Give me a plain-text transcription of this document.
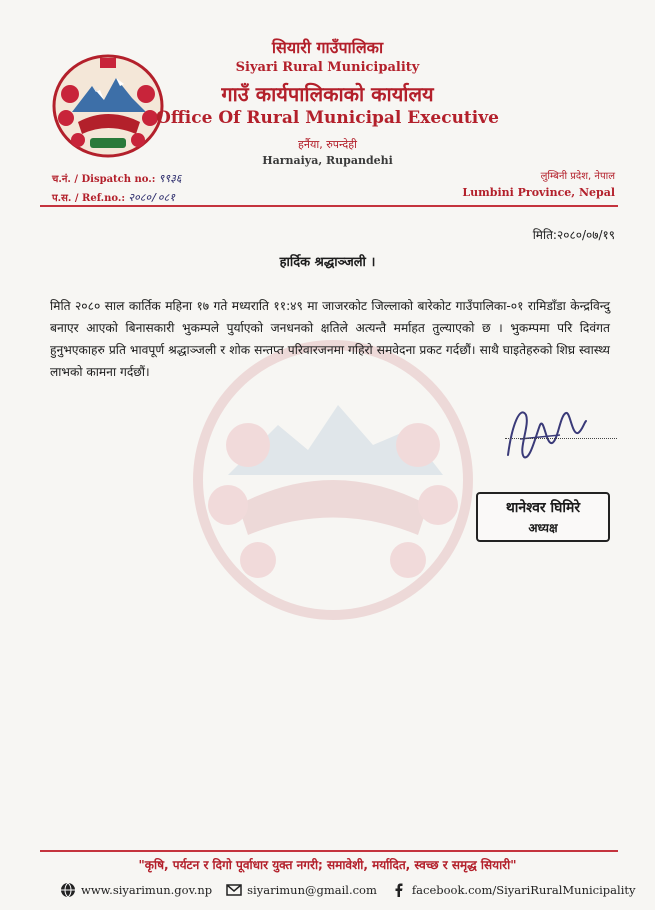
सियारी गाउँपालिका
Siyari Rural Municipality
गाउँ कार्यपालिकाको कार्यालय
Office Of Rural Municipal Executive
हर्नैया, रुपन्देही
Harnaiya, Rupandehi
च.नं. / Dispatch no.: ९९३६
प.स. / Ref.no.: २०८०/०८१
लुम्बिनी प्रदेश, नेपाल
Lumbini Province, Nepal
मिति:२०८०/०७/१९
हार्दिक श्रद्धाञ्जली ।
मिति २०८० साल कार्तिक महिना १७ गते मध्यराति ११:४९ मा जाजरकोट जिल्लाको बारेकोट गाउँपालिका-०१ रामिडाँडा केन्द्रविन्दु बनाएर आएको बिनासकारी भुकम्पले पुर्याएको जनधनको क्षतिले अत्यन्तै मर्माहत तुल्याएको छ । भुकम्पमा परि दिवंगत हुनुभएकाहरु प्रति भावपूर्ण श्रद्धाञ्जली र शोक सन्तप्त परिवारजनमा गहिरो समवेदना प्रकट गर्दछौं। साथै घाइतेहरुको शिघ्र स्वास्थ्य लाभको कामना गर्दछौं।
थानेश्वर घिमिरे
अध्यक्ष
"कृषि, पर्यटन र दिगो पूर्वाधार युक्त नगरी; समावेशी, मर्यादित, स्वच्छ र समृद्ध सियारी"
www.siyarimun.gov.np	siyarimun@gmail.com	facebook.com/SiyariRuralMunicipality
